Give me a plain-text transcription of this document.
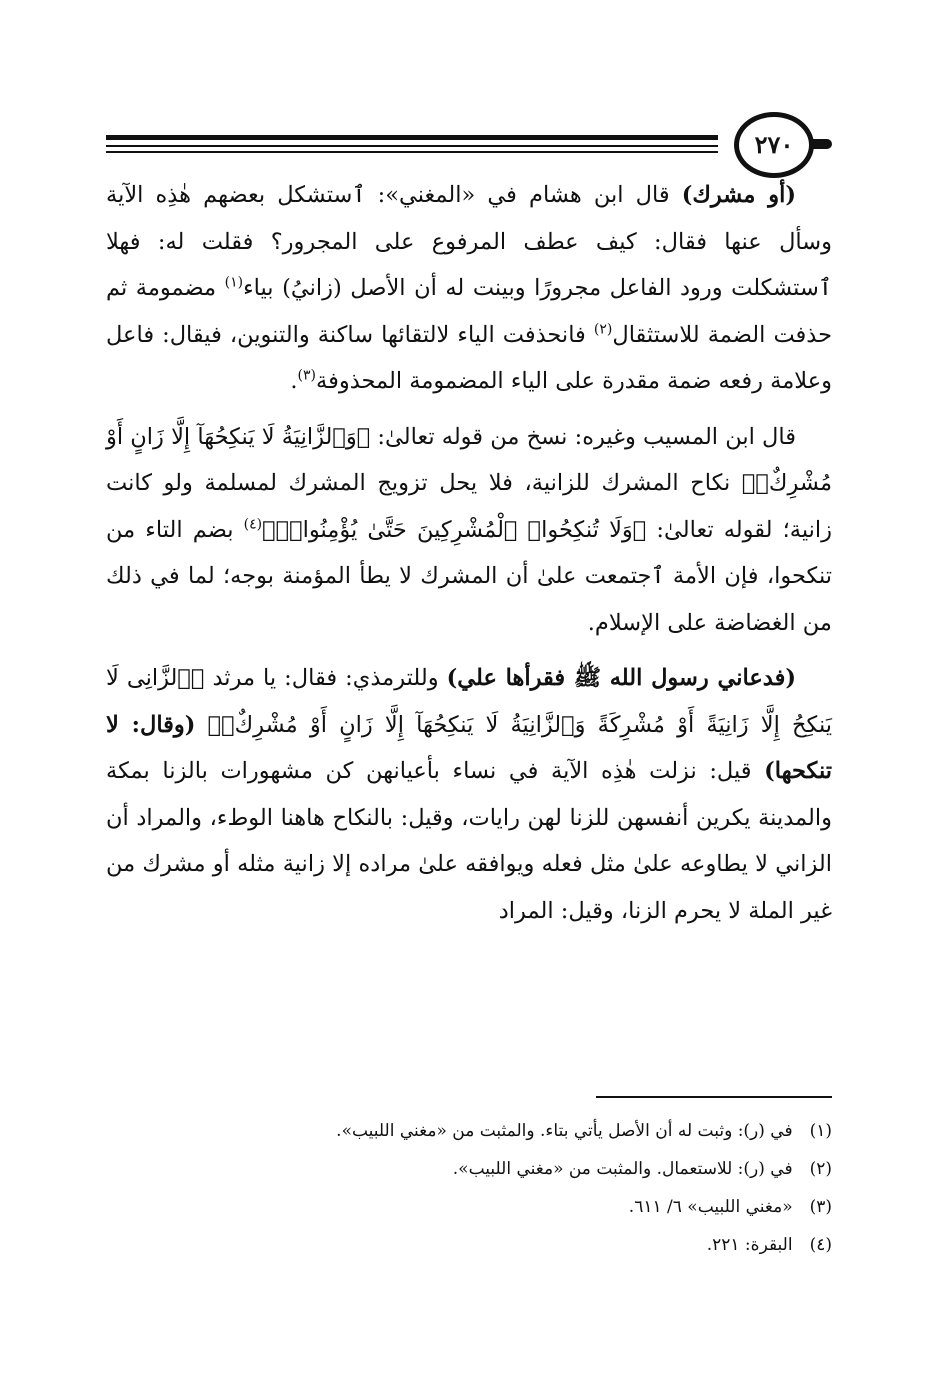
٢٧٠

(أو مشرك) قال ابن هشام في «المغني»: ٱستشكل بعضهم هٰذِه الآية وسأل عنها فقال: كيف عطف المرفوع على المجرور؟ فقلت له: فهلا ٱستشكلت ورود الفاعل مجرورًا وبينت له أن الأصل (زانيُ) بياء$^{(١)}$ مضمومة ثم حذفت الضمة للاستثقال$^{(٢)}$ فانحذفت الياء لالتقائها ساكنة والتنوين، فيقال: فاعل وعلامة رفعه ضمة مقدرة على الياء المضمومة المحذوفة$^{(٣)}$.

قال ابن المسيب وغيره: نسخ من قوله تعالىٰ: ﴿وَٱلزَّانِيَةُ لَا يَنكِحُهَآ إِلَّا زَانٍ أَوْ مُشْرِكٌۚ﴾ نكاح المشرك للزانية، فلا يحل تزويج المشرك لمسلمة ولو كانت زانية؛ لقوله تعالىٰ: ﴿وَلَا تُنكِحُوا۟ ٱلْمُشْرِكِينَ حَتَّىٰ يُؤْمِنُوا۟ۚ﴾$^{(٤)}$ بضم التاء من تنكحوا، فإن الأمة ٱجتمعت علىٰ أن المشرك لا يطأ المؤمنة بوجه؛ لما في ذلك من الغضاضة على الإسلام.

(فدعاني رسول الله ﷺ فقرأها علي) وللترمذي: فقال: يا مرثد ﴿ٱلزَّانِى لَا يَنكِحُ إِلَّا زَانِيَةً أَوْ مُشْرِكَةً وَٱلزَّانِيَةُ لَا يَنكِحُهَآ إِلَّا زَانٍ أَوْ مُشْرِكٌۚ﴾ (وقال: لا تنكحها) قيل: نزلت هٰذِه الآية في نساء بأعيانهن كن مشهورات بالزنا بمكة والمدينة يكرين أنفسهن للزنا لهن رايات، وقيل: بالنكاح هاهنا الوطء، والمراد أن الزاني لا يطاوعه علىٰ مثل فعله ويوافقه علىٰ مراده إلا زانية مثله أو مشرك من غير الملة لا يحرم الزنا، وقيل: المراد

(١) في (ر): وثبت له أن الأصل يأتي بتاء. والمثبت من «مغني اللبيب».

(٢) في (ر): للاستعمال. والمثبت من «مغني اللبيب».

(٣) «مغني اللبيب» ٦/ ٦١١.

(٤) البقرة: ٢٢١.
